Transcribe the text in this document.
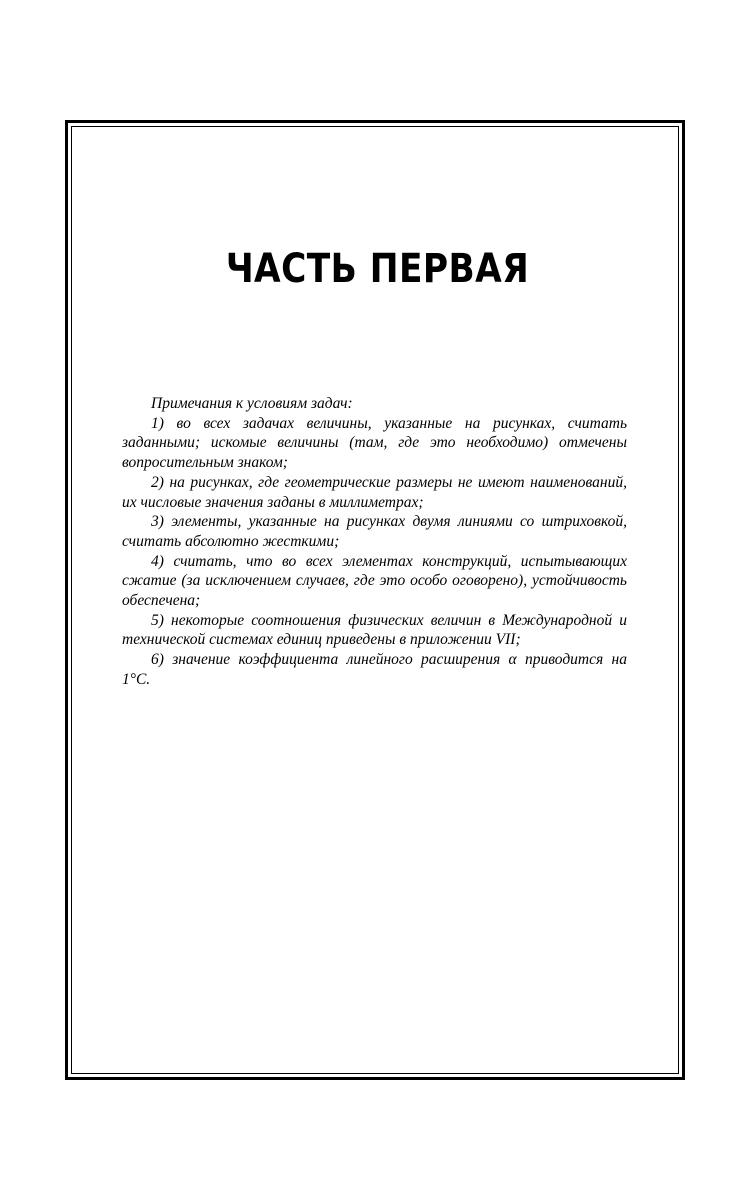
ЧАСТЬ ПЕРВАЯ

Примечания к условиям задач:

1) во всех задачах величины, указанные на рисунках, считать заданными; искомые величины (там, где это необходимо) отмечены вопросительным знаком;

2) на рисунках, где геометрические размеры не имеют наименований, их числовые значения заданы в миллиметрах;

3) элементы, указанные на рисунках двумя линиями со штриховкой, считать абсолютно жесткими;

4) считать, что во всех элементах конструкций, испытывающих сжатие (за исключением случаев, где это особо оговорено), устойчивость обеспечена;

5) некоторые соотношения физических величин в Международной и технической системах единиц приведены в приложении VII;

6) значение коэффициента линейного расширения α приводится на 1°C.
